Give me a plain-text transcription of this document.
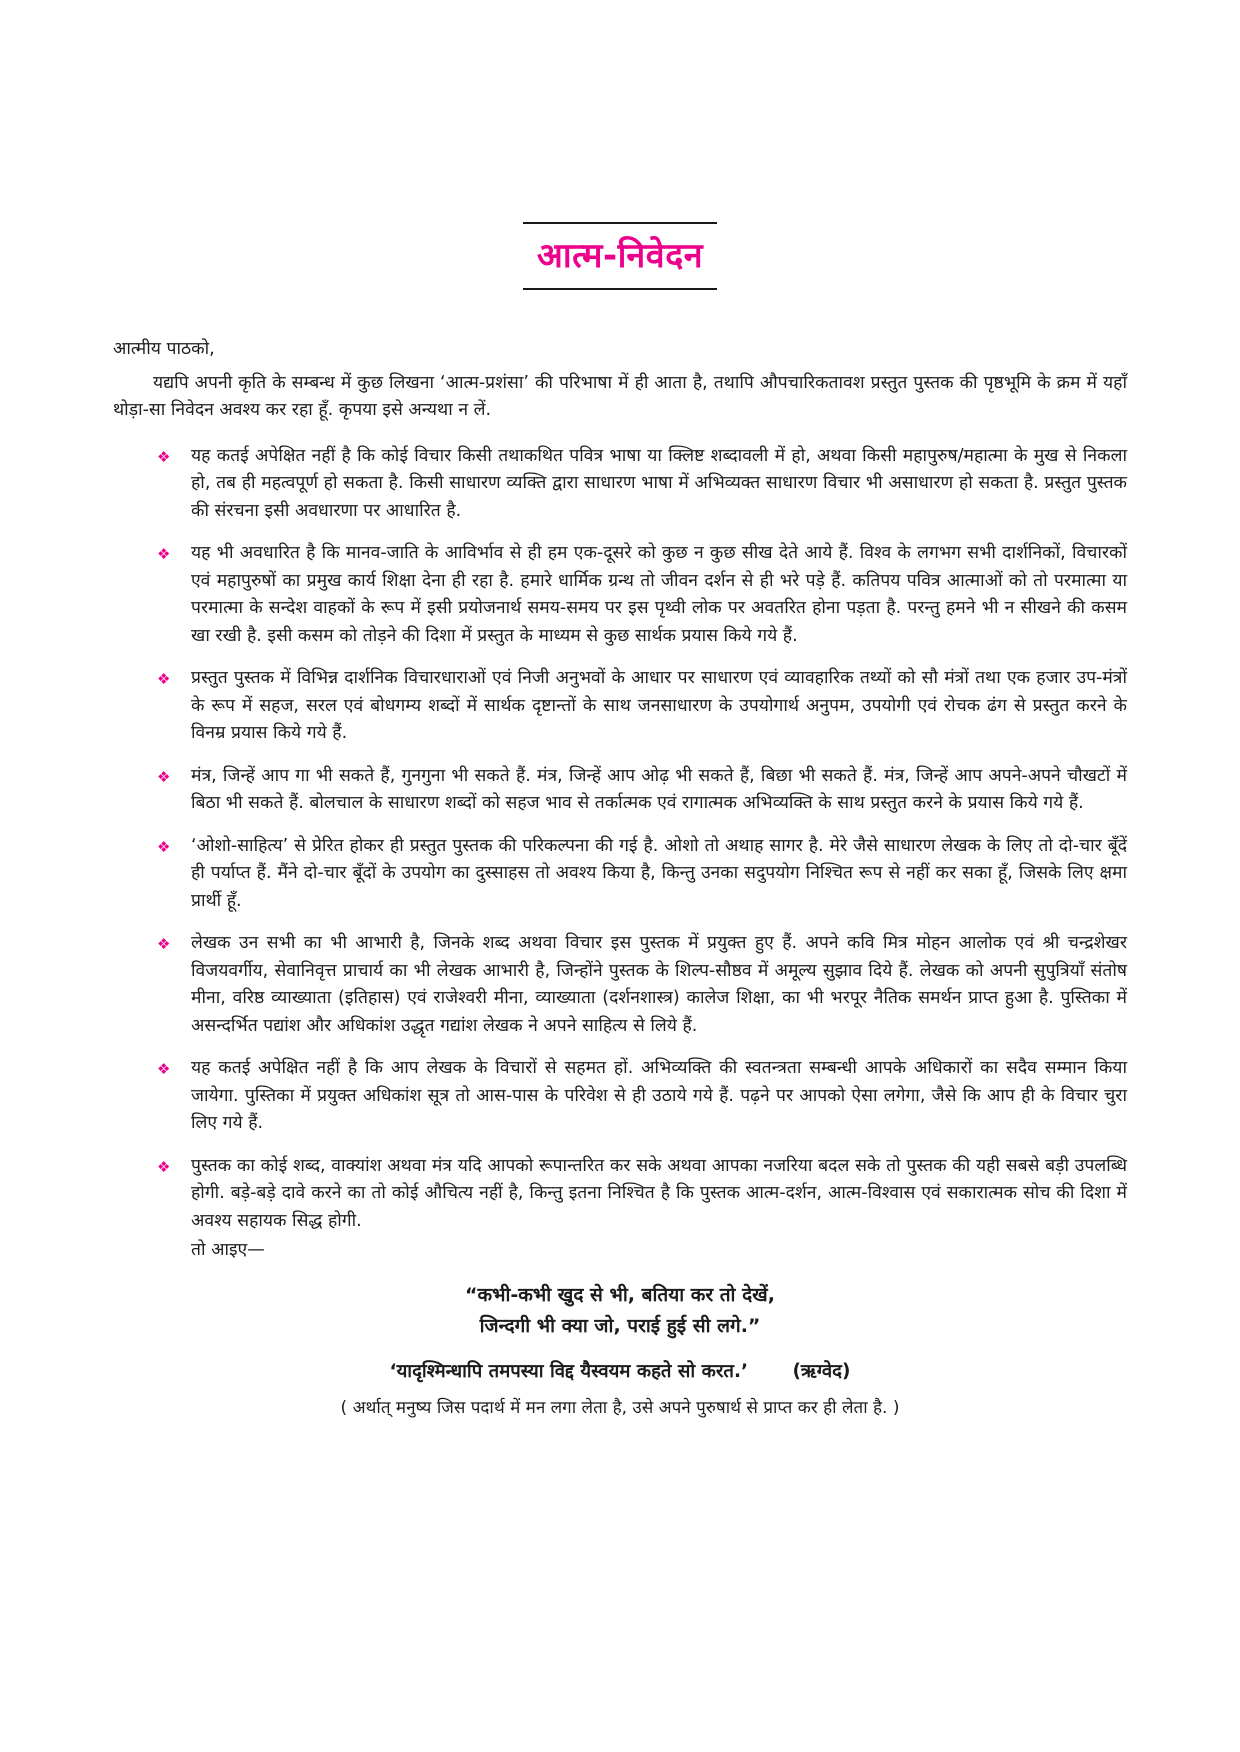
आत्म-निवेदन

आत्मीय पाठको,

यद्यपि अपनी कृति के सम्बन्ध में कुछ लिखना ‘आत्म-प्रशंसा’ की परिभाषा में ही आता है, तथापि औपचारिकतावश प्रस्तुत पुस्तक की पृष्ठभूमि के क्रम में यहाँ थोड़ा-सा निवेदन अवश्य कर रहा हूँ. कृपया इसे अन्यथा न लें.

❖ यह कतई अपेक्षित नहीं है कि कोई विचार किसी तथाकथित पवित्र भाषा या क्लिष्ट शब्दावली में हो, अथवा किसी महापुरुष/महात्मा के मुख से निकला हो, तब ही महत्वपूर्ण हो सकता है. किसी साधारण व्यक्ति द्वारा साधारण भाषा में अभिव्यक्त साधारण विचार भी असाधारण हो सकता है. प्रस्तुत पुस्तक की संरचना इसी अवधारणा पर आधारित है.
❖ यह भी अवधारित है कि मानव-जाति के आविर्भाव से ही हम एक-दूसरे को कुछ न कुछ सीख देते आये हैं. विश्व के लगभग सभी दार्शनिकों, विचारकों एवं महापुरुषों का प्रमुख कार्य शिक्षा देना ही रहा है. हमारे धार्मिक ग्रन्थ तो जीवन दर्शन से ही भरे पड़े हैं. कतिपय पवित्र आत्माओं को तो परमात्मा या परमात्मा के सन्देश वाहकों के रूप में इसी प्रयोजनार्थ समय-समय पर इस पृथ्वी लोक पर अवतरित होना पड़ता है. परन्तु हमने भी न सीखने की कसम खा रखी है. इसी कसम को तोड़ने की दिशा में प्रस्तुत के माध्यम से कुछ सार्थक प्रयास किये गये हैं.
❖ प्रस्तुत पुस्तक में विभिन्न दार्शनिक विचारधाराओं एवं निजी अनुभवों के आधार पर साधारण एवं व्यावहारिक तथ्यों को सौ मंत्रों तथा एक हजार उप-मंत्रों के रूप में सहज, सरल एवं बोधगम्य शब्दों में सार्थक दृष्टान्तों के साथ जनसाधारण के उपयोगार्थ अनुपम, उपयोगी एवं रोचक ढंग से प्रस्तुत करने के विनम्र प्रयास किये गये हैं.
❖ मंत्र, जिन्हें आप गा भी सकते हैं, गुनगुना भी सकते हैं. मंत्र, जिन्हें आप ओढ़ भी सकते हैं, बिछा भी सकते हैं. मंत्र, जिन्हें आप अपने-अपने चौखटों में बिठा भी सकते हैं. बोलचाल के साधारण शब्दों को सहज भाव से तर्कात्मक एवं रागात्मक अभिव्यक्ति के साथ प्रस्तुत करने के प्रयास किये गये हैं.
❖ ‘ओशो-साहित्य’ से प्रेरित होकर ही प्रस्तुत पुस्तक की परिकल्पना की गई है. ओशो तो अथाह सागर है. मेरे जैसे साधारण लेखक के लिए तो दो-चार बूँदें ही पर्याप्त हैं. मैंने दो-चार बूँदों के उपयोग का दुस्साहस तो अवश्य किया है, किन्तु उनका सदुपयोग निश्चित रूप से नहीं कर सका हूँ, जिसके लिए क्षमा प्रार्थी हूँ.
❖ लेखक उन सभी का भी आभारी है, जिनके शब्द अथवा विचार इस पुस्तक में प्रयुक्त हुए हैं. अपने कवि मित्र मोहन आलोक एवं श्री चन्द्रशेखर विजयवर्गीय, सेवानिवृत्त प्राचार्य का भी लेखक आभारी है, जिन्होंने पुस्तक के शिल्प-सौष्ठव में अमूल्य सुझाव दिये हैं. लेखक को अपनी सुपुत्रियाँ संतोष मीना, वरिष्ठ व्याख्याता (इतिहास) एवं राजेश्वरी मीना, व्याख्याता (दर्शनशास्त्र) कालेज शिक्षा, का भी भरपूर नैतिक समर्थन प्राप्त हुआ है. पुस्तिका में असन्दर्भित पद्यांश और अधिकांश उद्धृत गद्यांश लेखक ने अपने साहित्य से लिये हैं.
❖ यह कतई अपेक्षित नहीं है कि आप लेखक के विचारों से सहमत हों. अभिव्यक्ति की स्वतन्त्रता सम्बन्धी आपके अधिकारों का सदैव सम्मान किया जायेगा. पुस्तिका में प्रयुक्त अधिकांश सूत्र तो आस-पास के परिवेश से ही उठाये गये हैं. पढ़ने पर आपको ऐसा लगेगा, जैसे कि आप ही के विचार चुरा लिए गये हैं.
❖ पुस्तक का कोई शब्द, वाक्यांश अथवा मंत्र यदि आपको रूपान्तरित कर सके अथवा आपका नजरिया बदल सके तो पुस्तक की यही सबसे बड़ी उपलब्धि होगी. बड़े-बड़े दावे करने का तो कोई औचित्य नहीं है, किन्तु इतना निश्चित है कि पुस्तक आत्म-दर्शन, आत्म-विश्वास एवं सकारात्मक सोच की दिशा में अवश्य सहायक सिद्ध होगी.
तो आइए—

“कभी-कभी खुद से भी, बतिया कर तो देखें,

जिन्दगी भी क्या जो, पराई हुई सी लगे.”

‘यादृश्मिन्धापि तमपस्या विद्द यैस्वयम कहते सो करत.’ (ऋग्वेद)

( अर्थात् मनुष्य जिस पदार्थ में मन लगा लेता है, उसे अपने पुरुषार्थ से प्राप्त कर ही लेता है. )
